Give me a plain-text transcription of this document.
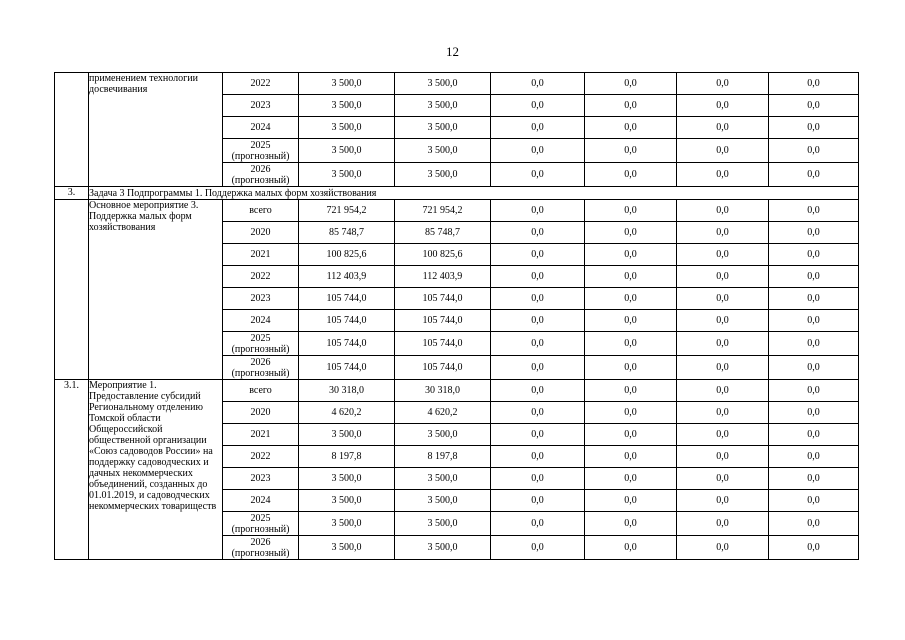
12
	применением технологии досвечивания	2022	3 500,0	3 500,0	0,0	0,0	0,0	0,0
		2023	3 500,0	3 500,0	0,0	0,0	0,0	0,0
		2024	3 500,0	3 500,0	0,0	0,0	0,0	0,0
		2025 (прогнозный)	3 500,0	3 500,0	0,0	0,0	0,0	0,0
		2026 (прогнозный)	3 500,0	3 500,0	0,0	0,0	0,0	0,0
3.	Задача 3 Подпрограммы 1. Поддержка малых форм хозяйствования							
	Основное мероприятие 3. Поддержка малых форм хозяйствования	всего	721 954,2	721 954,2	0,0	0,0	0,0	0,0
		2020	85 748,7	85 748,7	0,0	0,0	0,0	0,0
		2021	100 825,6	100 825,6	0,0	0,0	0,0	0,0
		2022	112 403,9	112 403,9	0,0	0,0	0,0	0,0
		2023	105 744,0	105 744,0	0,0	0,0	0,0	0,0
		2024	105 744,0	105 744,0	0,0	0,0	0,0	0,0
		2025 (прогнозный)	105 744,0	105 744,0	0,0	0,0	0,0	0,0
		2026 (прогнозный)	105 744,0	105 744,0	0,0	0,0	0,0	0,0
3.1.	Мероприятие 1. Предоставление субсидий Региональному отделению Томской области Общероссийской общественной организации «Союз садоводов России» на поддержку садоводческих и дачных некоммерческих объединений, созданных до 01.01.2019, и садоводческих некоммерческих товариществ	всего	30 318,0	30 318,0	0,0	0,0	0,0	0,0
		2020	4 620,2	4 620,2	0,0	0,0	0,0	0,0
		2021	3 500,0	3 500,0	0,0	0,0	0,0	0,0
		2022	8 197,8	8 197,8	0,0	0,0	0,0	0,0
		2023	3 500,0	3 500,0	0,0	0,0	0,0	0,0
		2024	3 500,0	3 500,0	0,0	0,0	0,0	0,0
		2025 (прогнозный)	3 500,0	3 500,0	0,0	0,0	0,0	0,0
		2026 (прогнозный)	3 500,0	3 500,0	0,0	0,0	0,0	0,0
